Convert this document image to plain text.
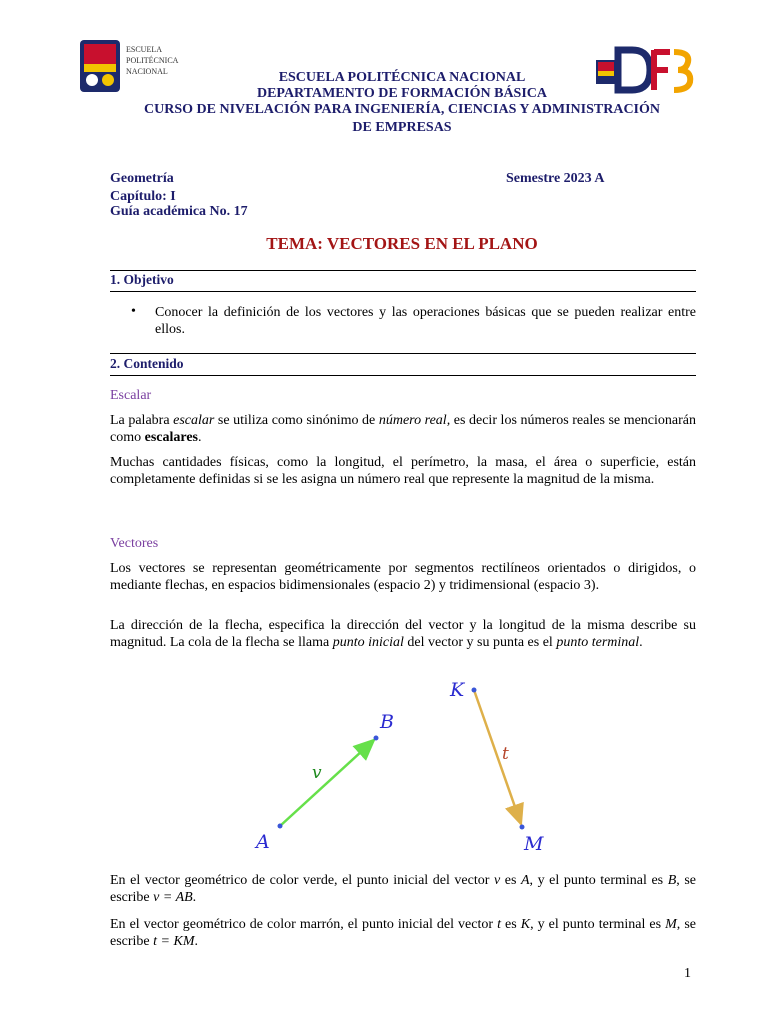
ESCUELA
POLITÉCNICA
NACIONAL	ESCUELA POLITÉCNICA NACIONAL
DEPARTAMENTO DE FORMACIÓN BÁSICA
CURSO DE NIVELACIÓN PARA INGENIERÍA, CIENCIAS Y ADMINISTRACIÓN
DE EMPRESAS
Geometría
Capítulo: I
Guía académica No. 17
Semestre 2023 A
TEMA: VECTORES EN EL PLANO
1. Objetivo
• Conocer la definición de los vectores y las operaciones básicas que se pueden realizar entre ellos.
2. Contenido
Escalar
La palabra escalar se utiliza como sinónimo de número real, es decir los números reales se mencionarán como escalares.
Muchas cantidades físicas, como la longitud, el perímetro, la masa, el área o superficie, están completamente definidas si se les asigna un número real que represente la magnitud de la misma.
Vectores
Los vectores se representan geométricamente por segmentos rectilíneos orientados o dirigidos, o mediante flechas, en espacios bidimensionales (espacio 2) y tridimensional (espacio 3).
La dirección de la flecha, especifica la dirección del vector y la longitud de la misma describe su magnitud. La cola de la flecha se llama punto inicial del vector y su punta es el punto terminal.
A
B
v
K
M
t
En el vector geométrico de color verde, el punto inicial del vector v es A, y el punto terminal es B, se escribe v = AB.
En el vector geométrico de color marrón, el punto inicial del vector t es K, y el punto terminal es M, se escribe t = KM.
1
